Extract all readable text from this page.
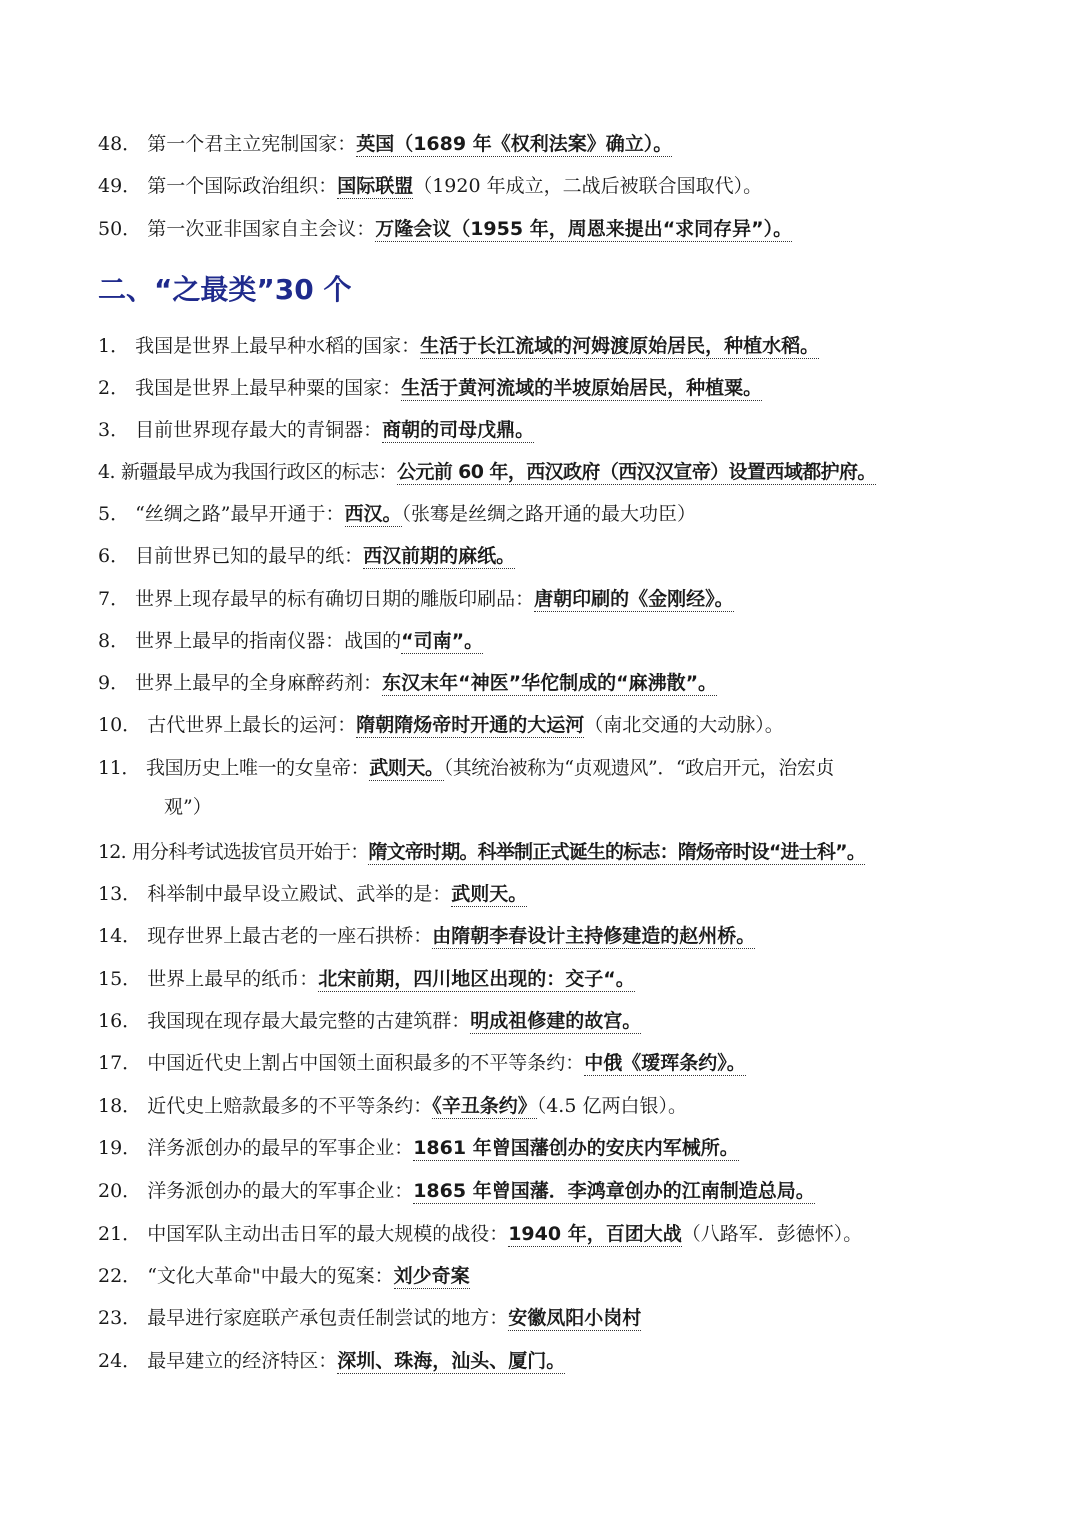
48． 第一个君主立宪制国家：英国（1689 年《权利法案》确立）。
49． 第一个国际政治组织：国际联盟（1920 年成立，二战后被联合国取代）。
50． 第一次亚非国家自主会议：万隆会议（1955 年，周恩来提出“求同存异”）。
二、“之最类”30 个
1． 我国是世界上最早种水稻的国家：生活于长江流域的河姆渡原始居民，种植水稻。
2． 我国是世界上最早种粟的国家：生活于黄河流域的半坡原始居民，种植粟。
3． 目前世界现存最大的青铜器：商朝的司母戊鼎。
4. 新疆最早成为我国行政区的标志：公元前 60 年，西汉政府（西汉汉宣帝）设置西域都护府。
5． “丝绸之路”最早开通于：西汉。（张骞是丝绸之路开通的最大功臣）
6． 目前世界已知的最早的纸：西汉前期的麻纸。
7． 世界上现存最早的标有确切日期的雕版印刷品：唐朝印刷的《金刚经》。
8． 世界上最早的指南仪器：战国的“司南”。
9． 世界上最早的全身麻醉药剂：东汉末年“神医”华佗制成的“麻沸散”。
10． 古代世界上最长的运河：隋朝隋炀帝时开通的大运河（南北交通的大动脉）。
11． 我国历史上唯一的女皇帝：武则天。（其统治被称为“贞观遗风”．“政启开元，治宏贞
观”）
12. 用分科考试选拔官员开始于：隋文帝时期。科举制正式诞生的标志：隋炀帝时设“进士科”。
13． 科举制中最早设立殿试、武举的是：武则天。
14． 现存世界上最古老的一座石拱桥：由隋朝李春设计主持修建造的赵州桥。
15． 世界上最早的纸币：北宋前期，四川地区出现的：交子“。
16． 我国现在现存最大最完整的古建筑群：明成祖修建的故宫。
17． 中国近代史上割占中国领土面积最多的不平等条约：中俄《瑷珲条约》。
18． 近代史上赔款最多的不平等条约：《辛丑条约》（4.5 亿两白银）。
19． 洋务派创办的最早的军事企业：1861 年曾国藩创办的安庆内军械所。
20． 洋务派创办的最大的军事企业：1865 年曾国藩．李鸿章创办的江南制造总局。
21． 中国军队主动出击日军的最大规模的战役：1940 年，百团大战（八路军．彭德怀）。
22． “文化大革命"中最大的冤案：刘少奇案
23． 最早进行家庭联产承包责任制尝试的地方：安徽凤阳小岗村
24． 最早建立的经济特区：深圳、珠海，汕头、厦门。
